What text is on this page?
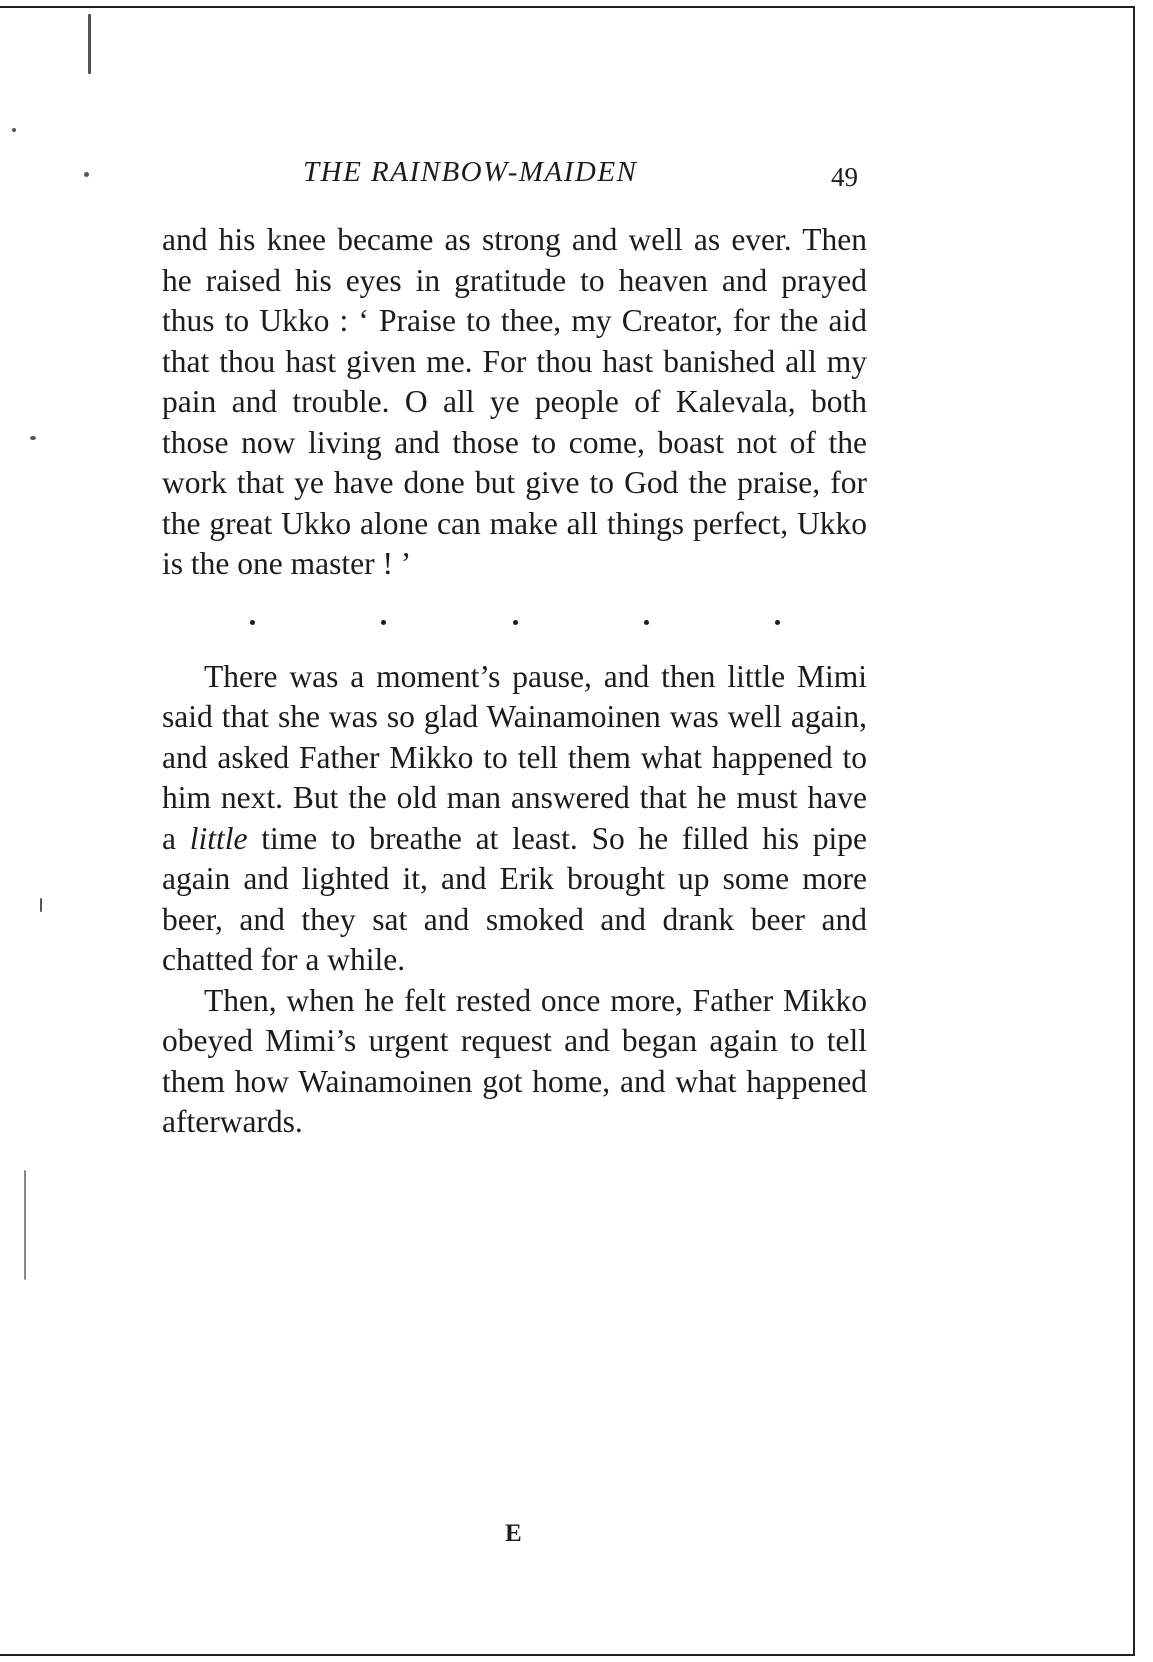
THE RAINBOW-MAIDEN	49

and his knee became as strong and well as ever. Then he raised his eyes in gratitude to heaven and prayed thus to Ukko : ‘ Praise to thee, my Creator, for the aid that thou hast given me. For thou hast banished all my pain and trouble. O all ye people of Kalevala, both those now living and those to come, boast not of the work that ye have done but give to God the praise, for the great Ukko alone can make all things perfect, Ukko is the one master ! ’

There was a moment’s pause, and then little Mimi said that she was so glad Wainamoinen was well again, and asked Father Mikko to tell them what happened to him next. But the old man answered that he must have a little time to breathe at least. So he filled his pipe again and lighted it, and Erik brought up some more beer, and they sat and smoked and drank beer and chatted for a while.

Then, when he felt rested once more, Father Mikko obeyed Mimi’s urgent request and began again to tell them how Wainamoinen got home, and what happened afterwards.

E
